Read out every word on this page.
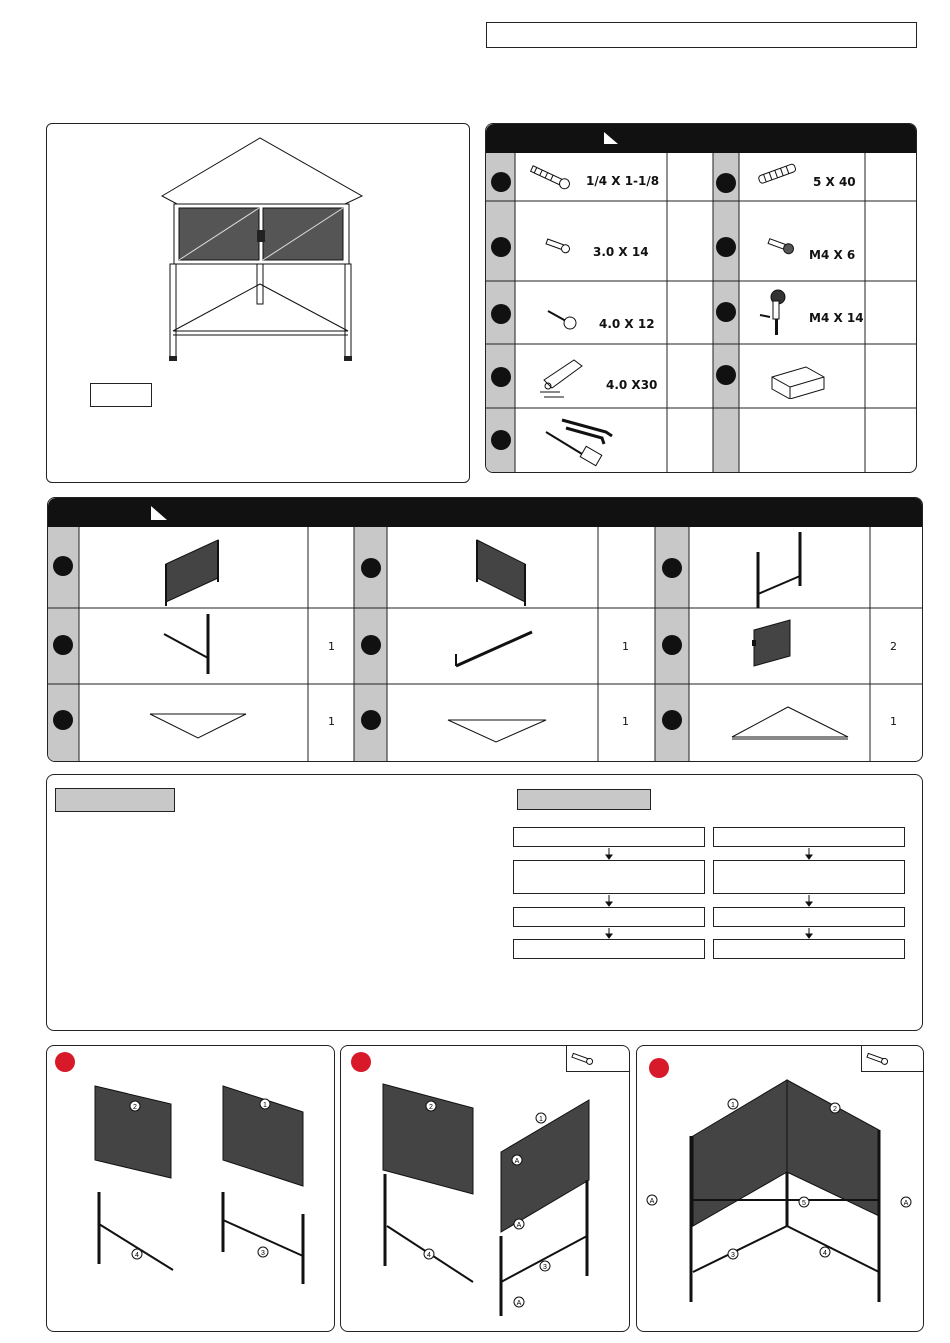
1/4 X 1-1/8	5 X 40
3.0 X 14	M4 X 6
4.0 X 12	M4 X 14
4.0 X30
1	1	2
1	1	1
2	1
4	3
2
1
A
A
4
3
A
1
2
A	5	A
3	4
